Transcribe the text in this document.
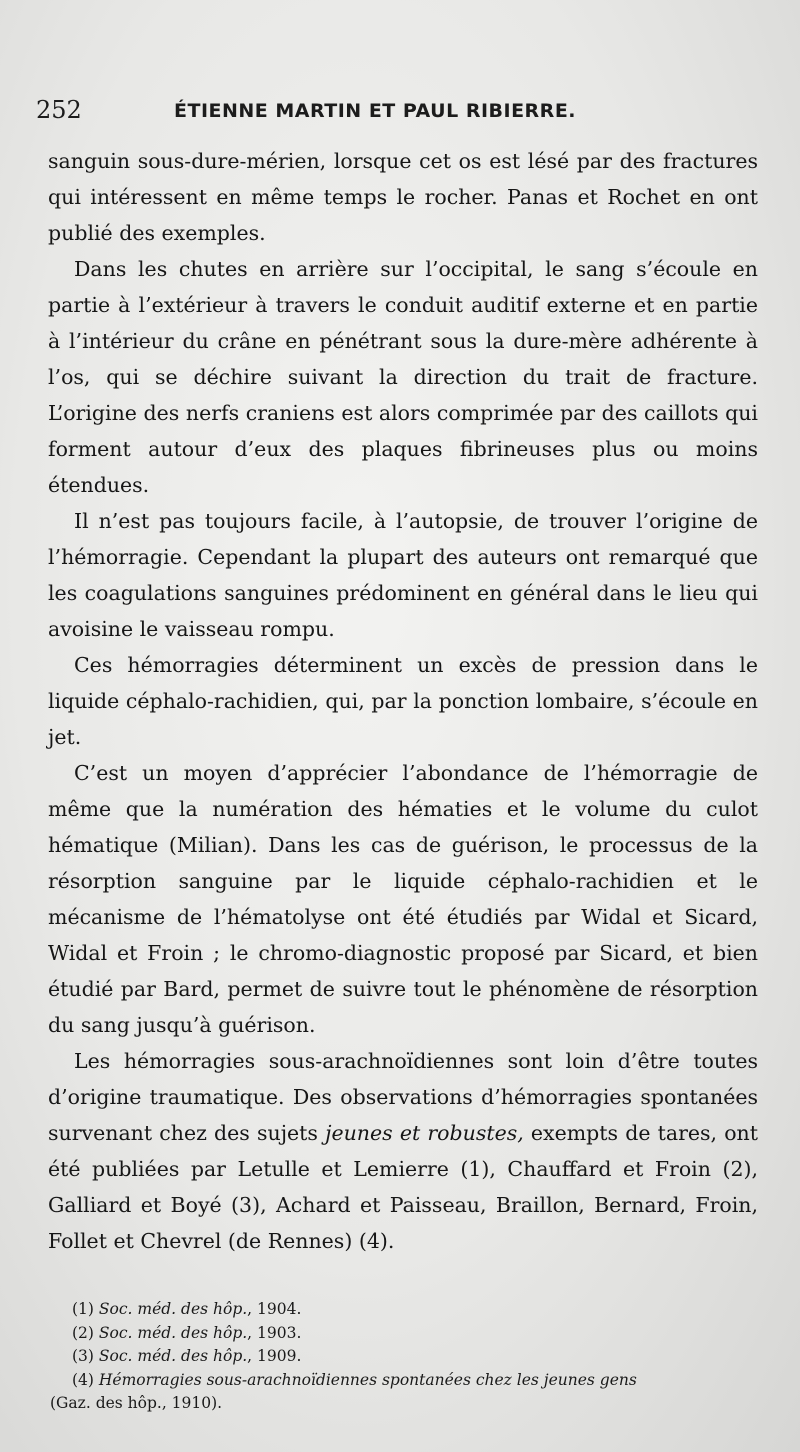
252	ÉTIENNE MARTIN ET PAUL RIBIERRE.

sanguin sous-dure-mérien, lorsque cet os est lésé par des fractures qui intéressent en même temps le rocher. Panas et Rochet en ont publié des exemples.

Dans les chutes en arrière sur l’occipital, le sang s’écoule en partie à l’extérieur à travers le conduit auditif externe et en partie à l’intérieur du crâne en pénétrant sous la dure-mère adhérente à l’os, qui se déchire suivant la direction du trait de fracture. L’origine des nerfs craniens est alors comprimée par des caillots qui forment autour d’eux des plaques fibrineuses plus ou moins étendues.

Il n’est pas toujours facile, à l’autopsie, de trouver l’origine de l’hémorragie. Cependant la plupart des auteurs ont remarqué que les coagulations sanguines prédominent en général dans le lieu qui avoisine le vaisseau rompu.

Ces hémorragies déterminent un excès de pression dans le liquide céphalo-rachidien, qui, par la ponction lombaire, s’écoule en jet.

C’est un moyen d’apprécier l’abondance de l’hémorragie de même que la numération des hématies et le volume du culot hématique (Milian). Dans les cas de guérison, le processus de la résorption sanguine par le liquide céphalo-rachidien et le mécanisme de l’hématolyse ont été étudiés par Widal et Sicard, Widal et Froin ; le chromo-diagnostic proposé par Sicard, et bien étudié par Bard, permet de suivre tout le phénomène de résorption du sang jusqu’à guérison.

Les hémorragies sous-arachnoïdiennes sont loin d’être toutes d’origine traumatique. Des observations d’hémorragies spontanées survenant chez des sujets jeunes et robustes, exempts de tares, ont été publiées par Letulle et Lemierre (1), Chauffard et Froin (2), Galliard et Boyé (3), Achard et Paisseau, Braillon, Bernard, Froin, Follet et Chevrel (de Rennes) (4).

(1) Soc. méd. des hôp., 1904.

(2) Soc. méd. des hôp., 1903.

(3) Soc. méd. des hôp., 1909.

(4) Hémorragies sous-arachnoïdiennes spontanées chez les jeunes gens

(Gaz. des hôp., 1910).
